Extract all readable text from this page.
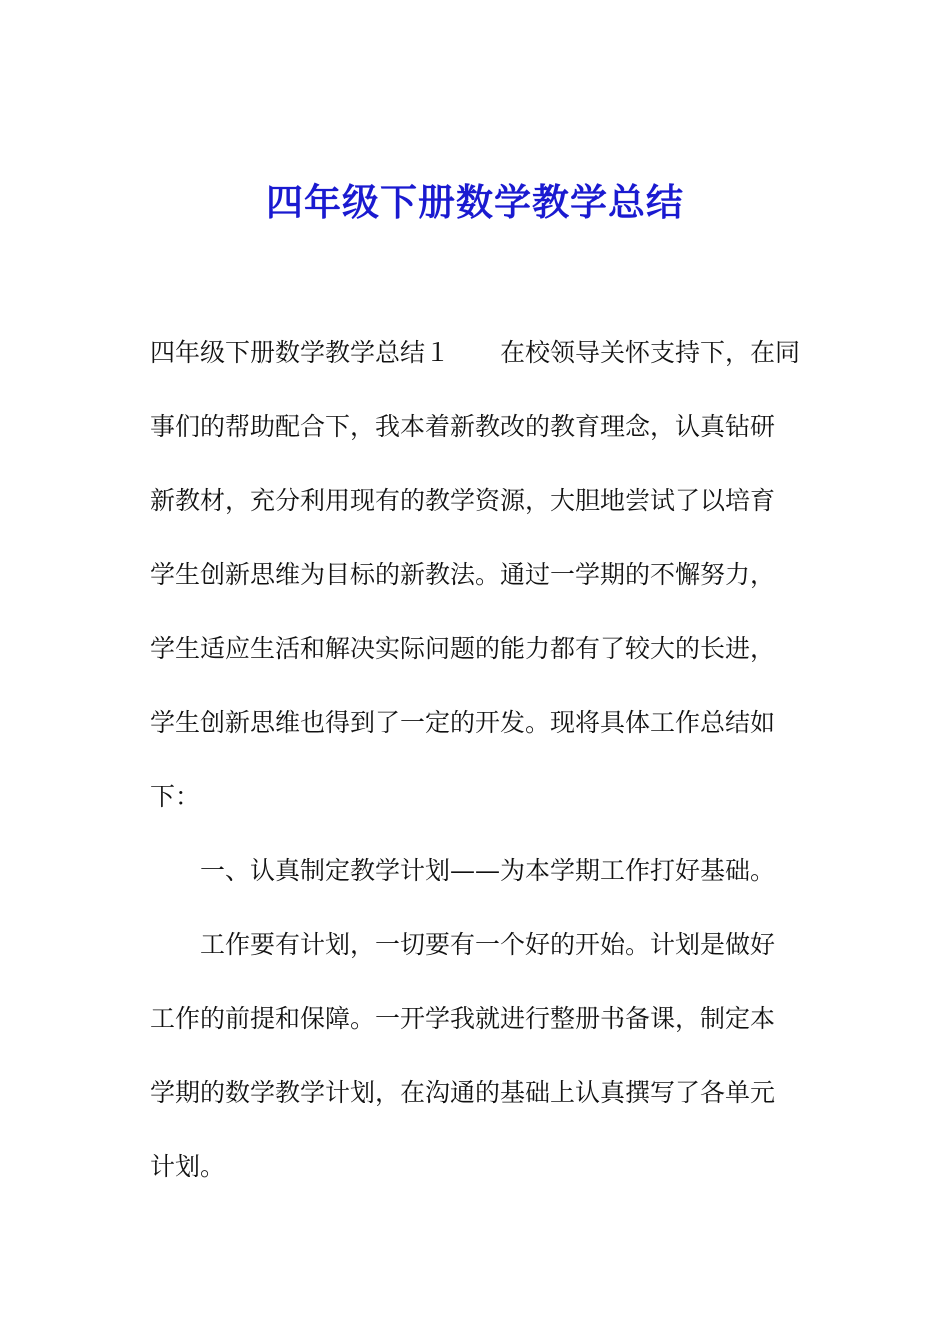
四年级下册数学教学总结
四年级下册数学教学总结１　　在校领导关怀支持下，在同
事们的帮助配合下，我本着新教改的教育理念，认真钻研
新教材，充分利用现有的教学资源，大胆地尝试了以培育
学生创新思维为目标的新教法。通过一学期的不懈努力，
学生适应生活和解决实际问题的能力都有了较大的长进，
学生创新思维也得到了一定的开发。现将具体工作总结如
下：
一、认真制定教学计划——为本学期工作打好基础。
工作要有计划，一切要有一个好的开始。计划是做好
工作的前提和保障。一开学我就进行整册书备课，制定本
学期的数学教学计划，在沟通的基础上认真撰写了各单元
计划。
